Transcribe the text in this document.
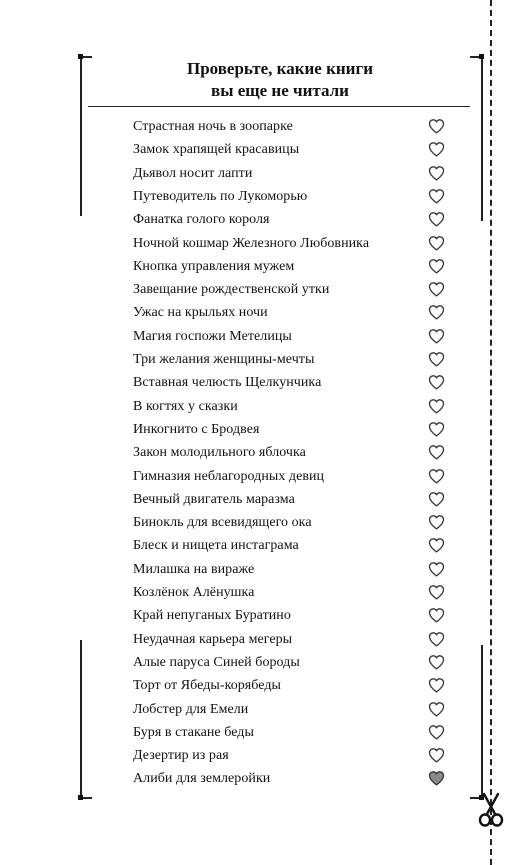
Проверьте, какие книги
вы еще не читали
Страстная ночь в зоопарке
Замок храпящей красавицы
Дьявол носит лапти
Путеводитель по Лукоморью
Фанатка голого короля
Ночной кошмар Железного Любовника
Кнопка управления мужем
Завещание рождественской утки
Ужас на крыльях ночи
Магия госпожи Метелицы
Три желания женщины-мечты
Вставная челюсть Щелкунчика
В когтях у сказки
Инкогнито с Бродвея
Закон молодильного яблочка
Гимназия неблагородных девиц
Вечный двигатель маразма
Бинокль для всевидящего ока
Блеск и нищета инстаграма
Милашка на вираже
Козлёнок Алёнушка
Край непуганых Буратино
Неудачная карьера мегеры
Алые паруса Синей бороды
Торт от Ябеды-корябеды
Лобстер для Емели
Буря в стакане беды
Дезертир из рая
Алиби для землеройки
